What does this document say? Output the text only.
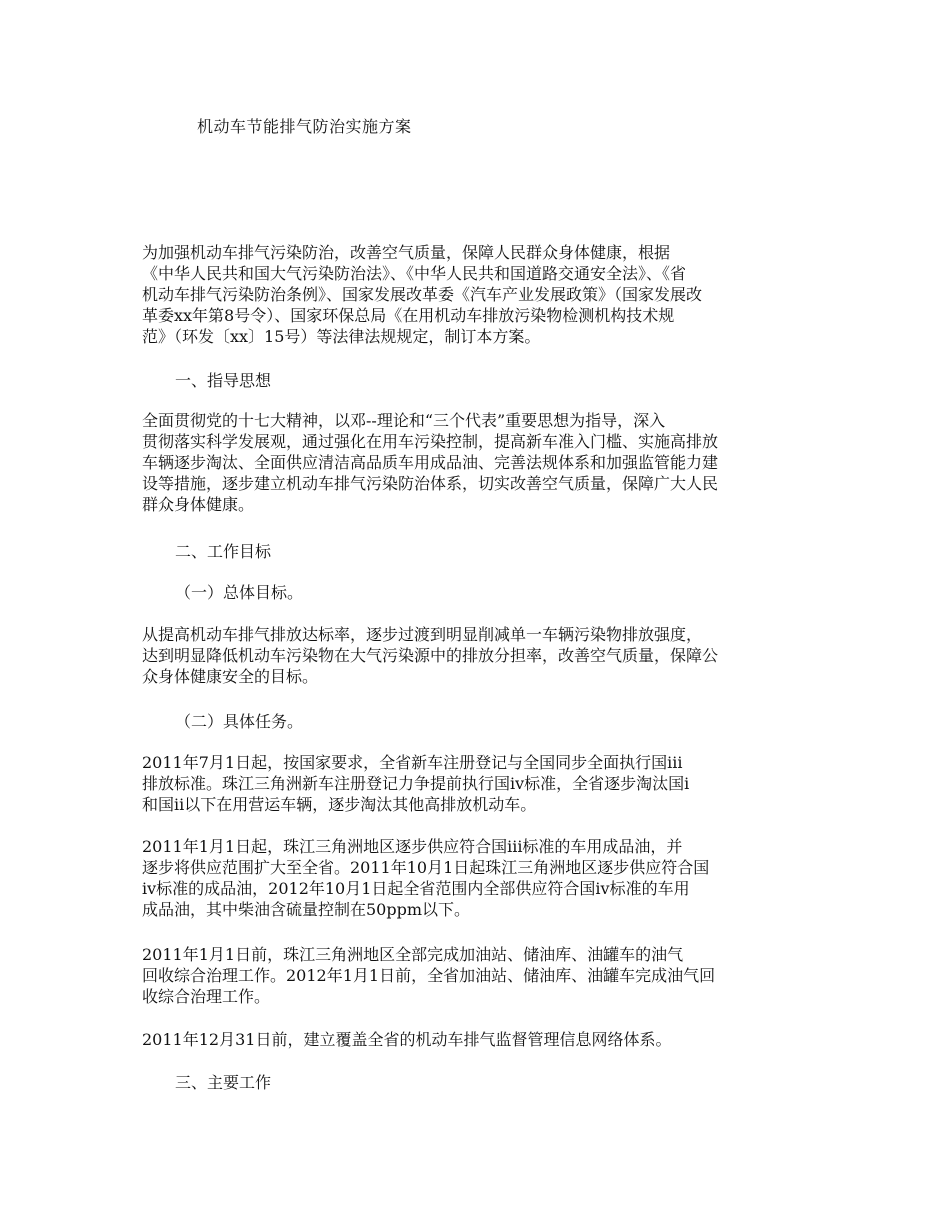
机动车节能排气防治实施方案

为加强机动车排气污染防治，改善空气质量，保障人民群众身体健康，根据
《中华人民共和国大气污染防治法》、《中华人民共和国道路交通安全法》、《省
机动车排气污染防治条例》、国家发展改革委《汽车产业发展政策》（国家发展改
革委xx年第8号令）、国家环保总局《在用机动车排放污染物检测机构技术规
范》（环发〔xx〕15号）等法律法规规定，制订本方案。

一、指导思想

全面贯彻党的十七大精神，以邓--理论和“三个代表”重要思想为指导，深入
贯彻落实科学发展观，通过强化在用车污染控制，提高新车准入门槛、实施高排放
车辆逐步淘汰、全面供应清洁高品质车用成品油、完善法规体系和加强监管能力建
设等措施，逐步建立机动车排气污染防治体系，切实改善空气质量，保障广大人民
群众身体健康。

二、工作目标

（一）总体目标。

从提高机动车排气排放达标率，逐步过渡到明显削减单一车辆污染物排放强度，
达到明显降低机动车污染物在大气污染源中的排放分担率，改善空气质量，保障公
众身体健康安全的目标。

（二）具体任务。

2011年7月1日起，按国家要求，全省新车注册登记与全国同步全面执行国iii
排放标准。珠江三角洲新车注册登记力争提前执行国iv标准，全省逐步淘汰国i
和国ii以下在用营运车辆，逐步淘汰其他高排放机动车。

2011年1月1日起，珠江三角洲地区逐步供应符合国iii标准的车用成品油，并
逐步将供应范围扩大至全省。2011年10月1日起珠江三角洲地区逐步供应符合国
iv标准的成品油，2012年10月1日起全省范围内全部供应符合国iv标准的车用
成品油，其中柴油含硫量控制在50ppm以下。

2011年1月1日前，珠江三角洲地区全部完成加油站、储油库、油罐车的油气
回收综合治理工作。2012年1月1日前，全省加油站、储油库、油罐车完成油气回
收综合治理工作。

2011年12月31日前，建立覆盖全省的机动车排气监督管理信息网络体系。

三、主要工作
